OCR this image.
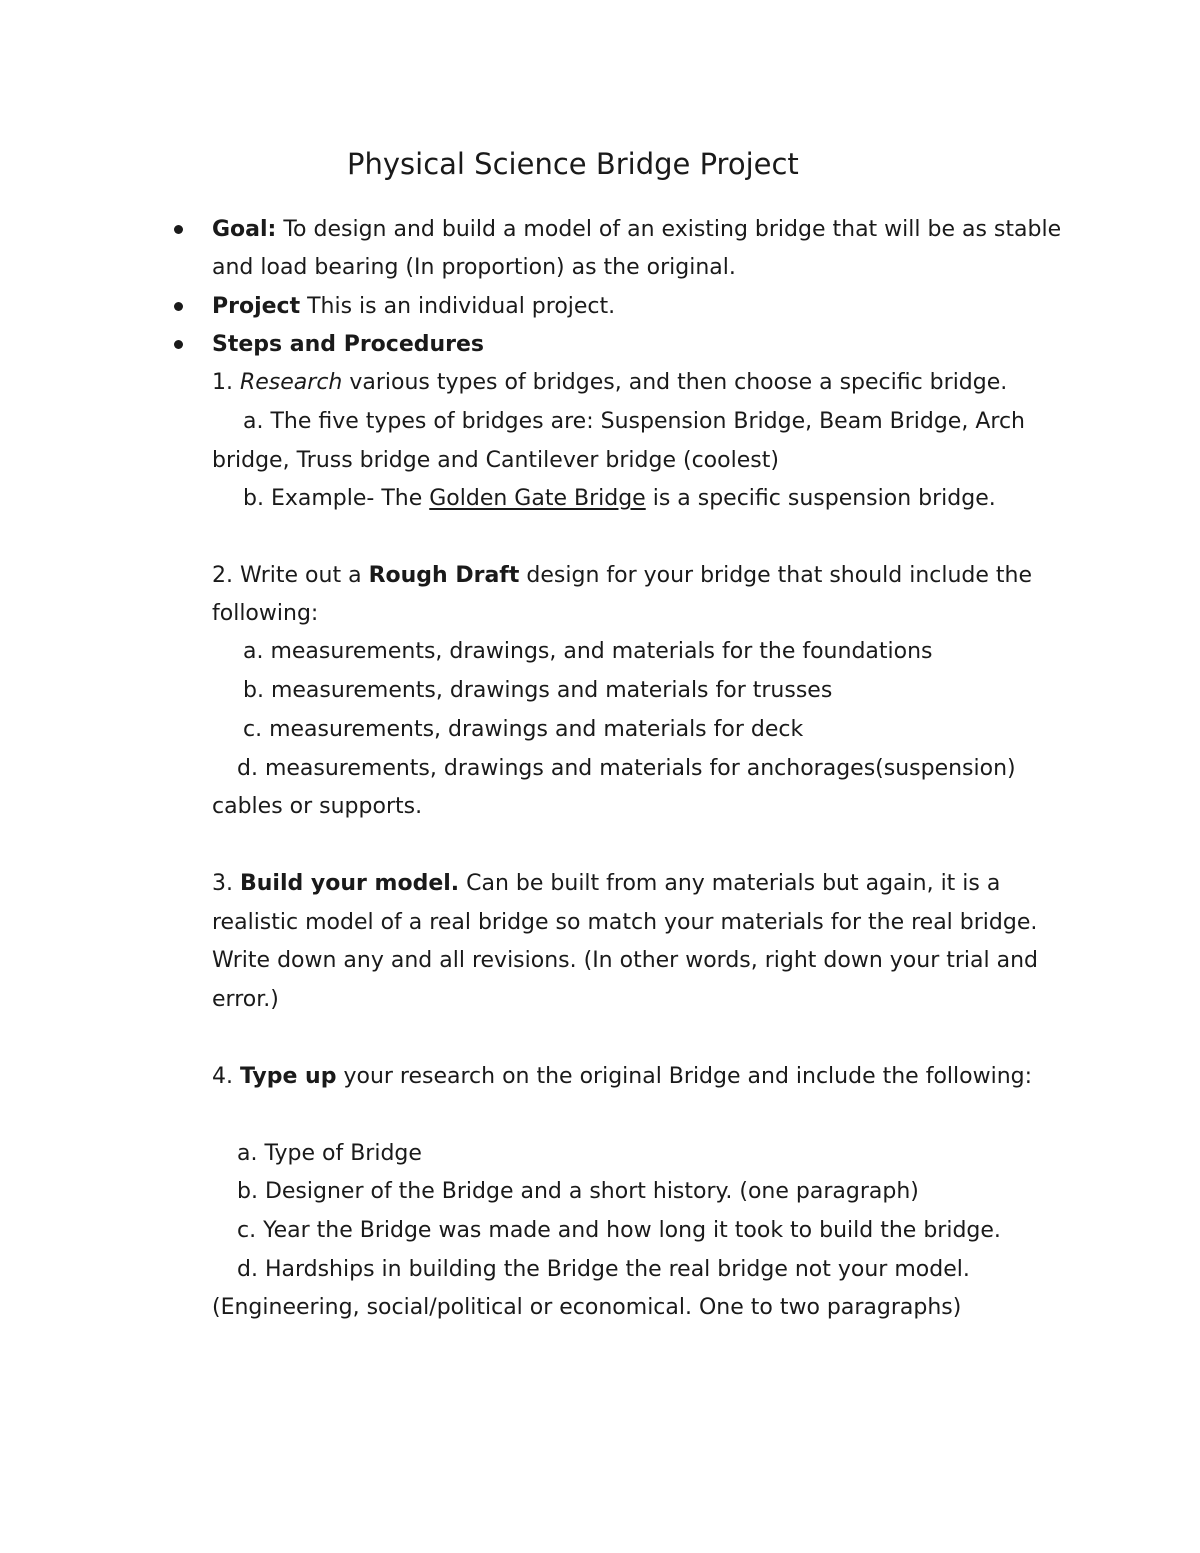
Physical Science Bridge Project
Goal: To design and build a model of an existing bridge that will be as stable
and load bearing (In proportion) as the original.
Project This is an individual project.
Steps and Procedures
1. Research various types of bridges, and then choose a specific bridge.
a. The five types of bridges are: Suspension Bridge, Beam Bridge, Arch
bridge, Truss bridge and Cantilever bridge (coolest)
b. Example- The Golden Gate Bridge is a specific suspension bridge.
2. Write out a Rough Draft design for your bridge that should include the
following:
a. measurements, drawings, and materials for the foundations
b. measurements, drawings and materials for trusses
c. measurements, drawings and materials for deck
d. measurements, drawings and materials for anchorages(suspension)
cables or supports.
3. Build your model. Can be built from any materials but again, it is a
realistic model of a real bridge so match your materials for the real bridge.
Write down any and all revisions. (In other words, right down your trial and
error.)
4. Type up your research on the original Bridge and include the following:
a. Type of Bridge
b. Designer of the Bridge and a short history. (one paragraph)
c. Year the Bridge was made and how long it took to build the bridge.
d. Hardships in building the Bridge the real bridge not your model.
(Engineering, social/political or economical. One to two paragraphs)
